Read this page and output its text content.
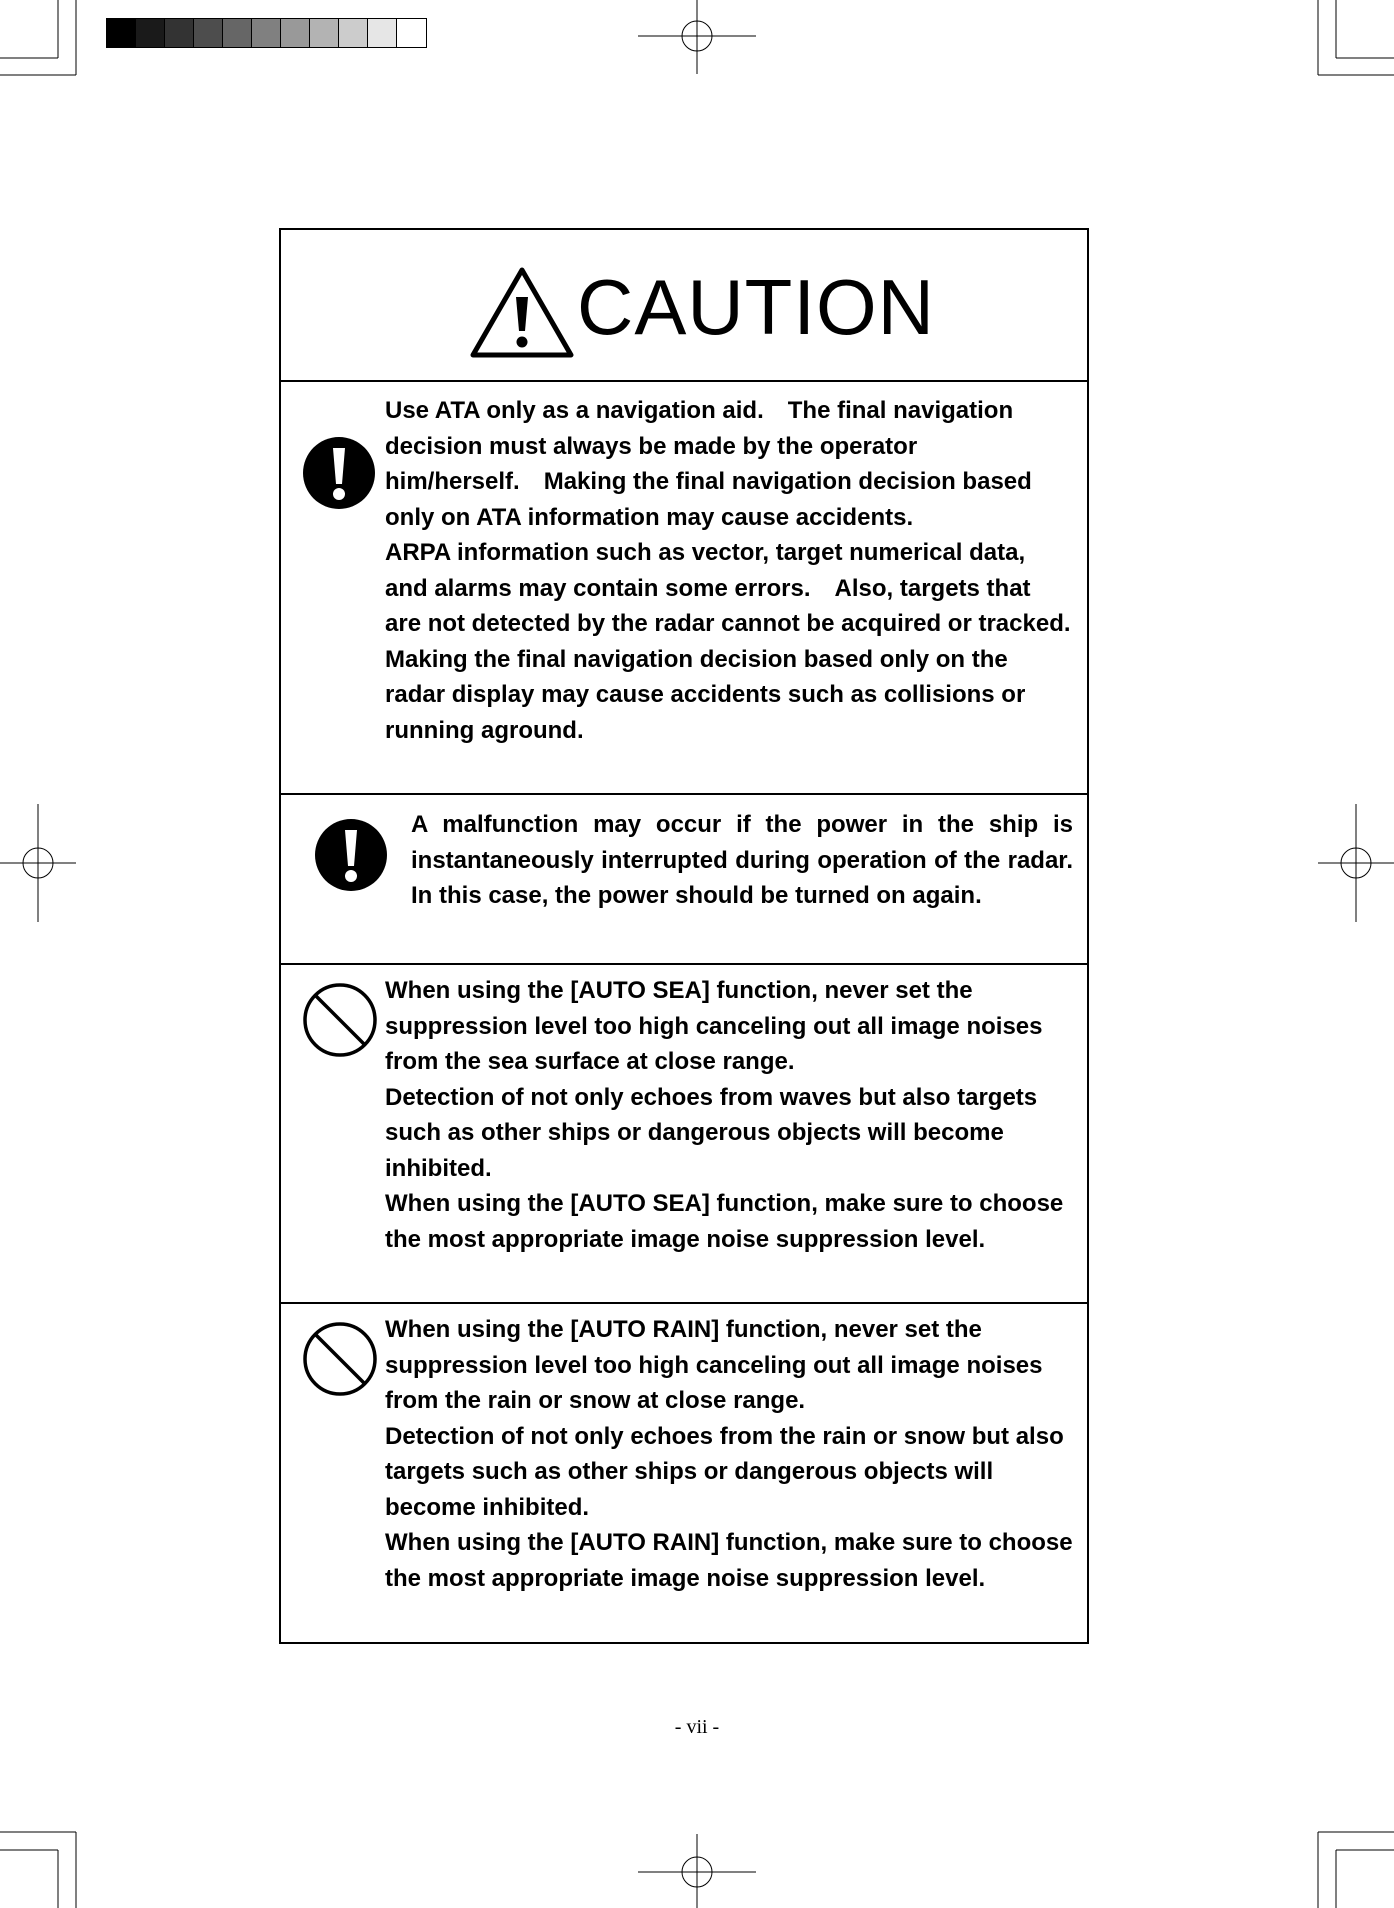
CAUTION

Use ATA only as a navigation aid. The final navigation decision must always be made by the operator him/herself. Making the final navigation decision based only on ATA information may cause accidents.

ARPA information such as vector, target numerical data, and alarms may contain some errors. Also, targets that are not detected by the radar cannot be acquired or tracked.

Making the final navigation decision based only on the radar display may cause accidents such as collisions or running aground.

A malfunction may occur if the power in the ship is instantaneously interrupted during operation of the radar. In this case, the power should be turned on again.

When using the [AUTO SEA] function, never set the suppression level too high canceling out all image noises from the sea surface at close range.

Detection of not only echoes from waves but also targets such as other ships or dangerous objects will become inhibited.

When using the [AUTO SEA] function, make sure to choose the most appropriate image noise suppression level.

When using the [AUTO RAIN] function, never set the suppression level too high canceling out all image noises from the rain or snow at close range.

Detection of not only echoes from the rain or snow but also targets such as other ships or dangerous objects will become inhibited.

When using the [AUTO RAIN] function, make sure to choose the most appropriate image noise suppression level.

- vii -
